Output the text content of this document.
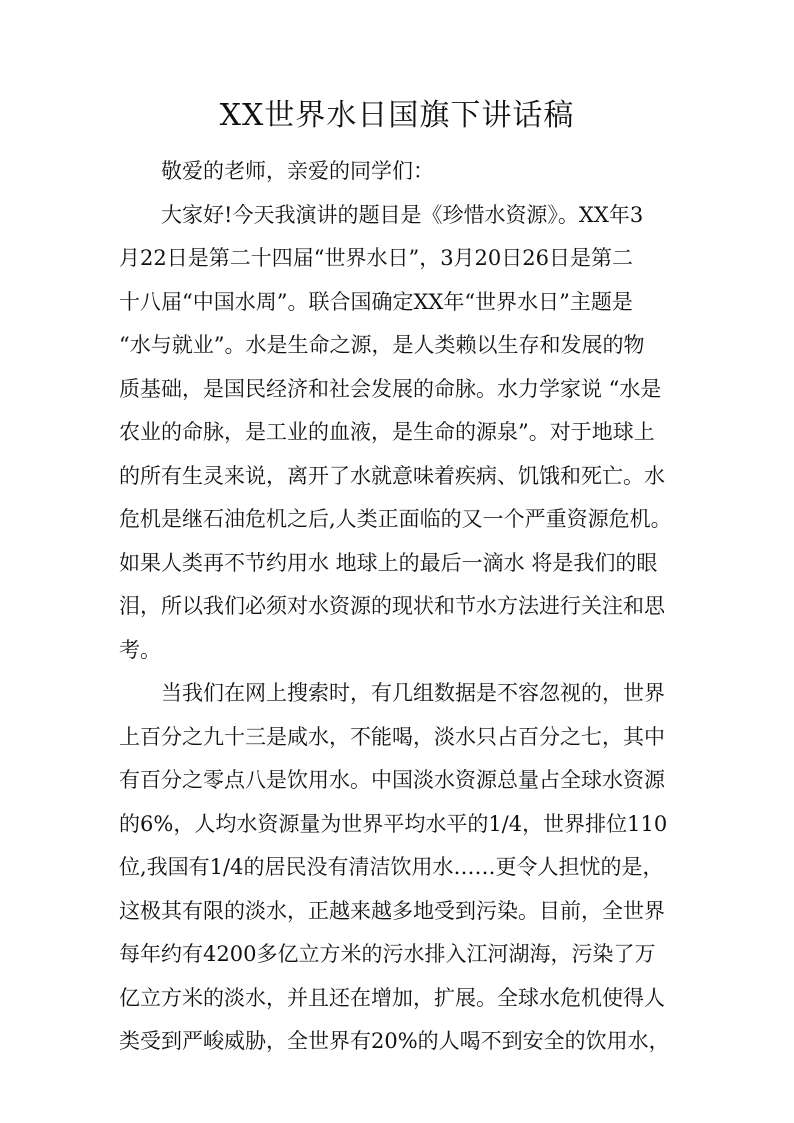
XX世界水日国旗下讲话稿
敬爱的老师，亲爱的同学们：
大家好!今天我演讲的题目是《珍惜水资源》。XX年3
月22日是第二十四届“世界水日”，3月20日26日是第二
十八届“中国水周”。联合国确定XX年“世界水日”主题是
“水与就业”。水是生命之源，是人类赖以生存和发展的物
质基础，是国民经济和社会发展的命脉。水力学家说 “水是
农业的命脉，是工业的血液，是生命的源泉”。对于地球上
的所有生灵来说，离开了水就意味着疾病、饥饿和死亡。水
危机是继石油危机之后,人类正面临的又一个严重资源危机。
如果人类再不节约用水 地球上的最后一滴水 将是我们的眼
泪，所以我们必须对水资源的现状和节水方法进行关注和思
考。
当我们在网上搜索时，有几组数据是不容忽视的，世界
上百分之九十三是咸水，不能喝，淡水只占百分之七，其中
有百分之零点八是饮用水。中国淡水资源总量占全球水资源
的6%，人均水资源量为世界平均水平的1/4，世界排位110
位,我国有1/4的居民没有清洁饮用水……更令人担忧的是，
这极其有限的淡水，正越来越多地受到污染。目前，全世界
每年约有4200多亿立方米的污水排入江河湖海，污染了万
亿立方米的淡水，并且还在增加，扩展。全球水危机使得人
类受到严峻威胁，全世界有20%的人喝不到安全的饮用水，
